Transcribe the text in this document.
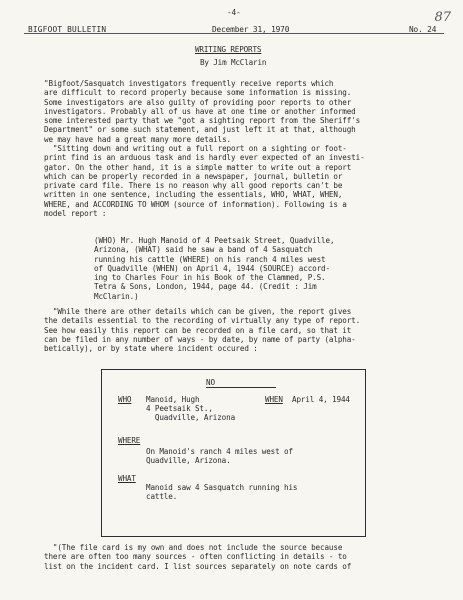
87
-4-
BIGFOOT BULLETIN	December 31, 1970	No. 24
WRITING REPORTS
By Jim McClarin
"Bigfoot/Sasquatch investigators frequently receive reports which
are difficult to record properly because some information is missing.
Some investigators are also guilty of providing poor reports to other
investigators. Probably all of us have at one time or another informed
some interested party that we "got a sighting report from the Sheriff's
Department" or some such statement, and just left it at that, although
we may have had a great many more details.
"Sitting down and writing out a full report on a sighting or foot-
print find is an arduous task and is hardly ever expected of an investi-
gator. On the other hand, it is a simple matter to write out a report
which can be properly recorded in a newspaper, journal, bulletin or
private card file. There is no reason why all good reports can't be
written in one sentence, including the essentials, WHO, WHAT, WHEN,
WHERE, and ACCORDING TO WHOM (source of information). Following is a
model report :
(WHO) Mr. Hugh Manoid of 4 Peetsaik Street, Quadville,
Arizona, (WHAT) said he saw a band of 4 Sasquatch
running his cattle (WHERE) on his ranch 4 miles west
of Quadville (WHEN) on April 4, 1944 (SOURCE) accord-
ing to Charles Four in his Book of the Clammed, P.S.
Tetra & Sons, London, 1944, page 44. (Credit : Jim
McClarin.)
"While there are other details which can be given, the report gives
the details essential to the recording of virtually any type of report.
See how easily this report can be recorded on a file card, so that it
can be filed in any number of ways - by date, by name of party (alpha-
betically), or by state where incident occured :
NO
WHO Manoid, Hugh
4 Peetsaik St.,
Quadville, Arizona
WHEN April 4, 1944
WHERE
On Manoid's ranch 4 miles west of
Quadville, Arizona.
WHAT
Manoid saw 4 Sasquatch running his
cattle.
"(The file card is my own and does not include the source because
there are often too many sources - often conflicting in details - to
list on the incident card. I list sources separately on note cards of
